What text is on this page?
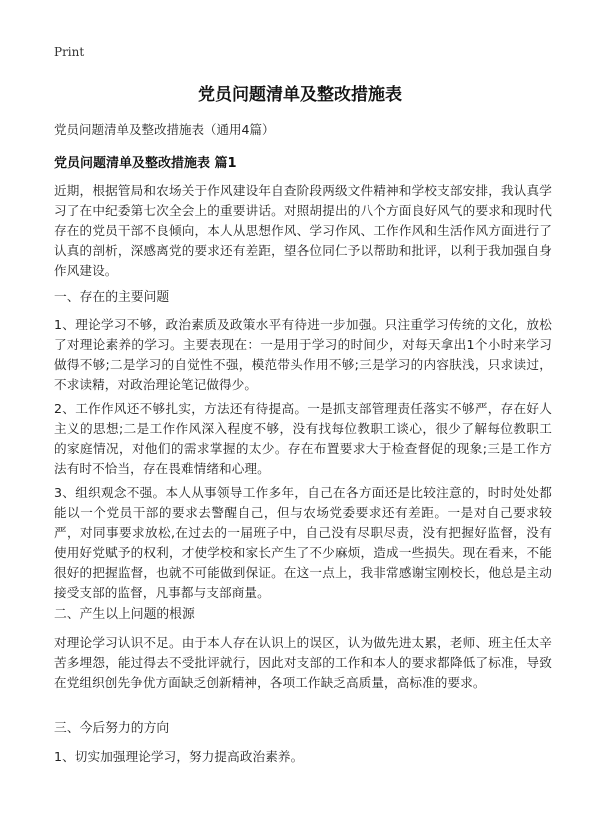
Print
党员问题清单及整改措施表
党员问题清单及整改措施表（通用4篇）
党员问题清单及整改措施表 篇1
近期，根据管局和农场关于作风建设年自查阶段两级文件精神和学校支部安排，我认真学习了在中纪委第七次全会上的重要讲话。对照胡提出的八个方面良好风气的要求和现时代存在的党员干部不良倾向，本人从思想作风、学习作风、工作作风和生活作风方面进行了认真的剖析，深感离党的要求还有差距，望各位同仁予以帮助和批评，以利于我加强自身作风建设。
一、存在的主要问题
1、理论学习不够，政治素质及政策水平有待进一步加强。只注重学习传统的文化，放松了对理论素养的学习。主要表现在：一是用于学习的时间少，对每天拿出1个小时来学习做得不够;二是学习的自觉性不强，模范带头作用不够;三是学习的内容肤浅，只求读过，不求读精，对政治理论笔记做得少。
2、工作作风还不够扎实，方法还有待提高。一是抓支部管理责任落实不够严，存在好人主义的思想;二是工作作风深入程度不够，没有找每位教职工谈心，很少了解每位教职工的家庭情况，对他们的需求掌握的太少。存在布置要求大于检查督促的现象;三是工作方法有时不恰当，存在畏难情绪和心理。
3、组织观念不强。本人从事领导工作多年，自己在各方面还是比较注意的，时时处处都能以一个党员干部的要求去警醒自己，但与农场党委要求还有差距。一是对自己要求较严，对同事要求放松,在过去的一届班子中，自己没有尽职尽责，没有把握好监督，没有使用好党赋予的权利，才使学校和家长产生了不少麻烦，造成一些损失。现在看来，不能很好的把握监督，也就不可能做到保证。在这一点上，我非常感谢宝刚校长，他总是主动接受支部的监督，凡事都与支部商量。
二、产生以上问题的根源
对理论学习认识不足。由于本人存在认识上的误区，认为做先进太累，老师、班主任太辛苦多埋怨，能过得去不受批评就行，因此对支部的工作和本人的要求都降低了标准，导致在党组织创先争优方面缺乏创新精神，各项工作缺乏高质量，高标准的要求。
三、今后努力的方向
1、切实加强理论学习，努力提高政治素养。
